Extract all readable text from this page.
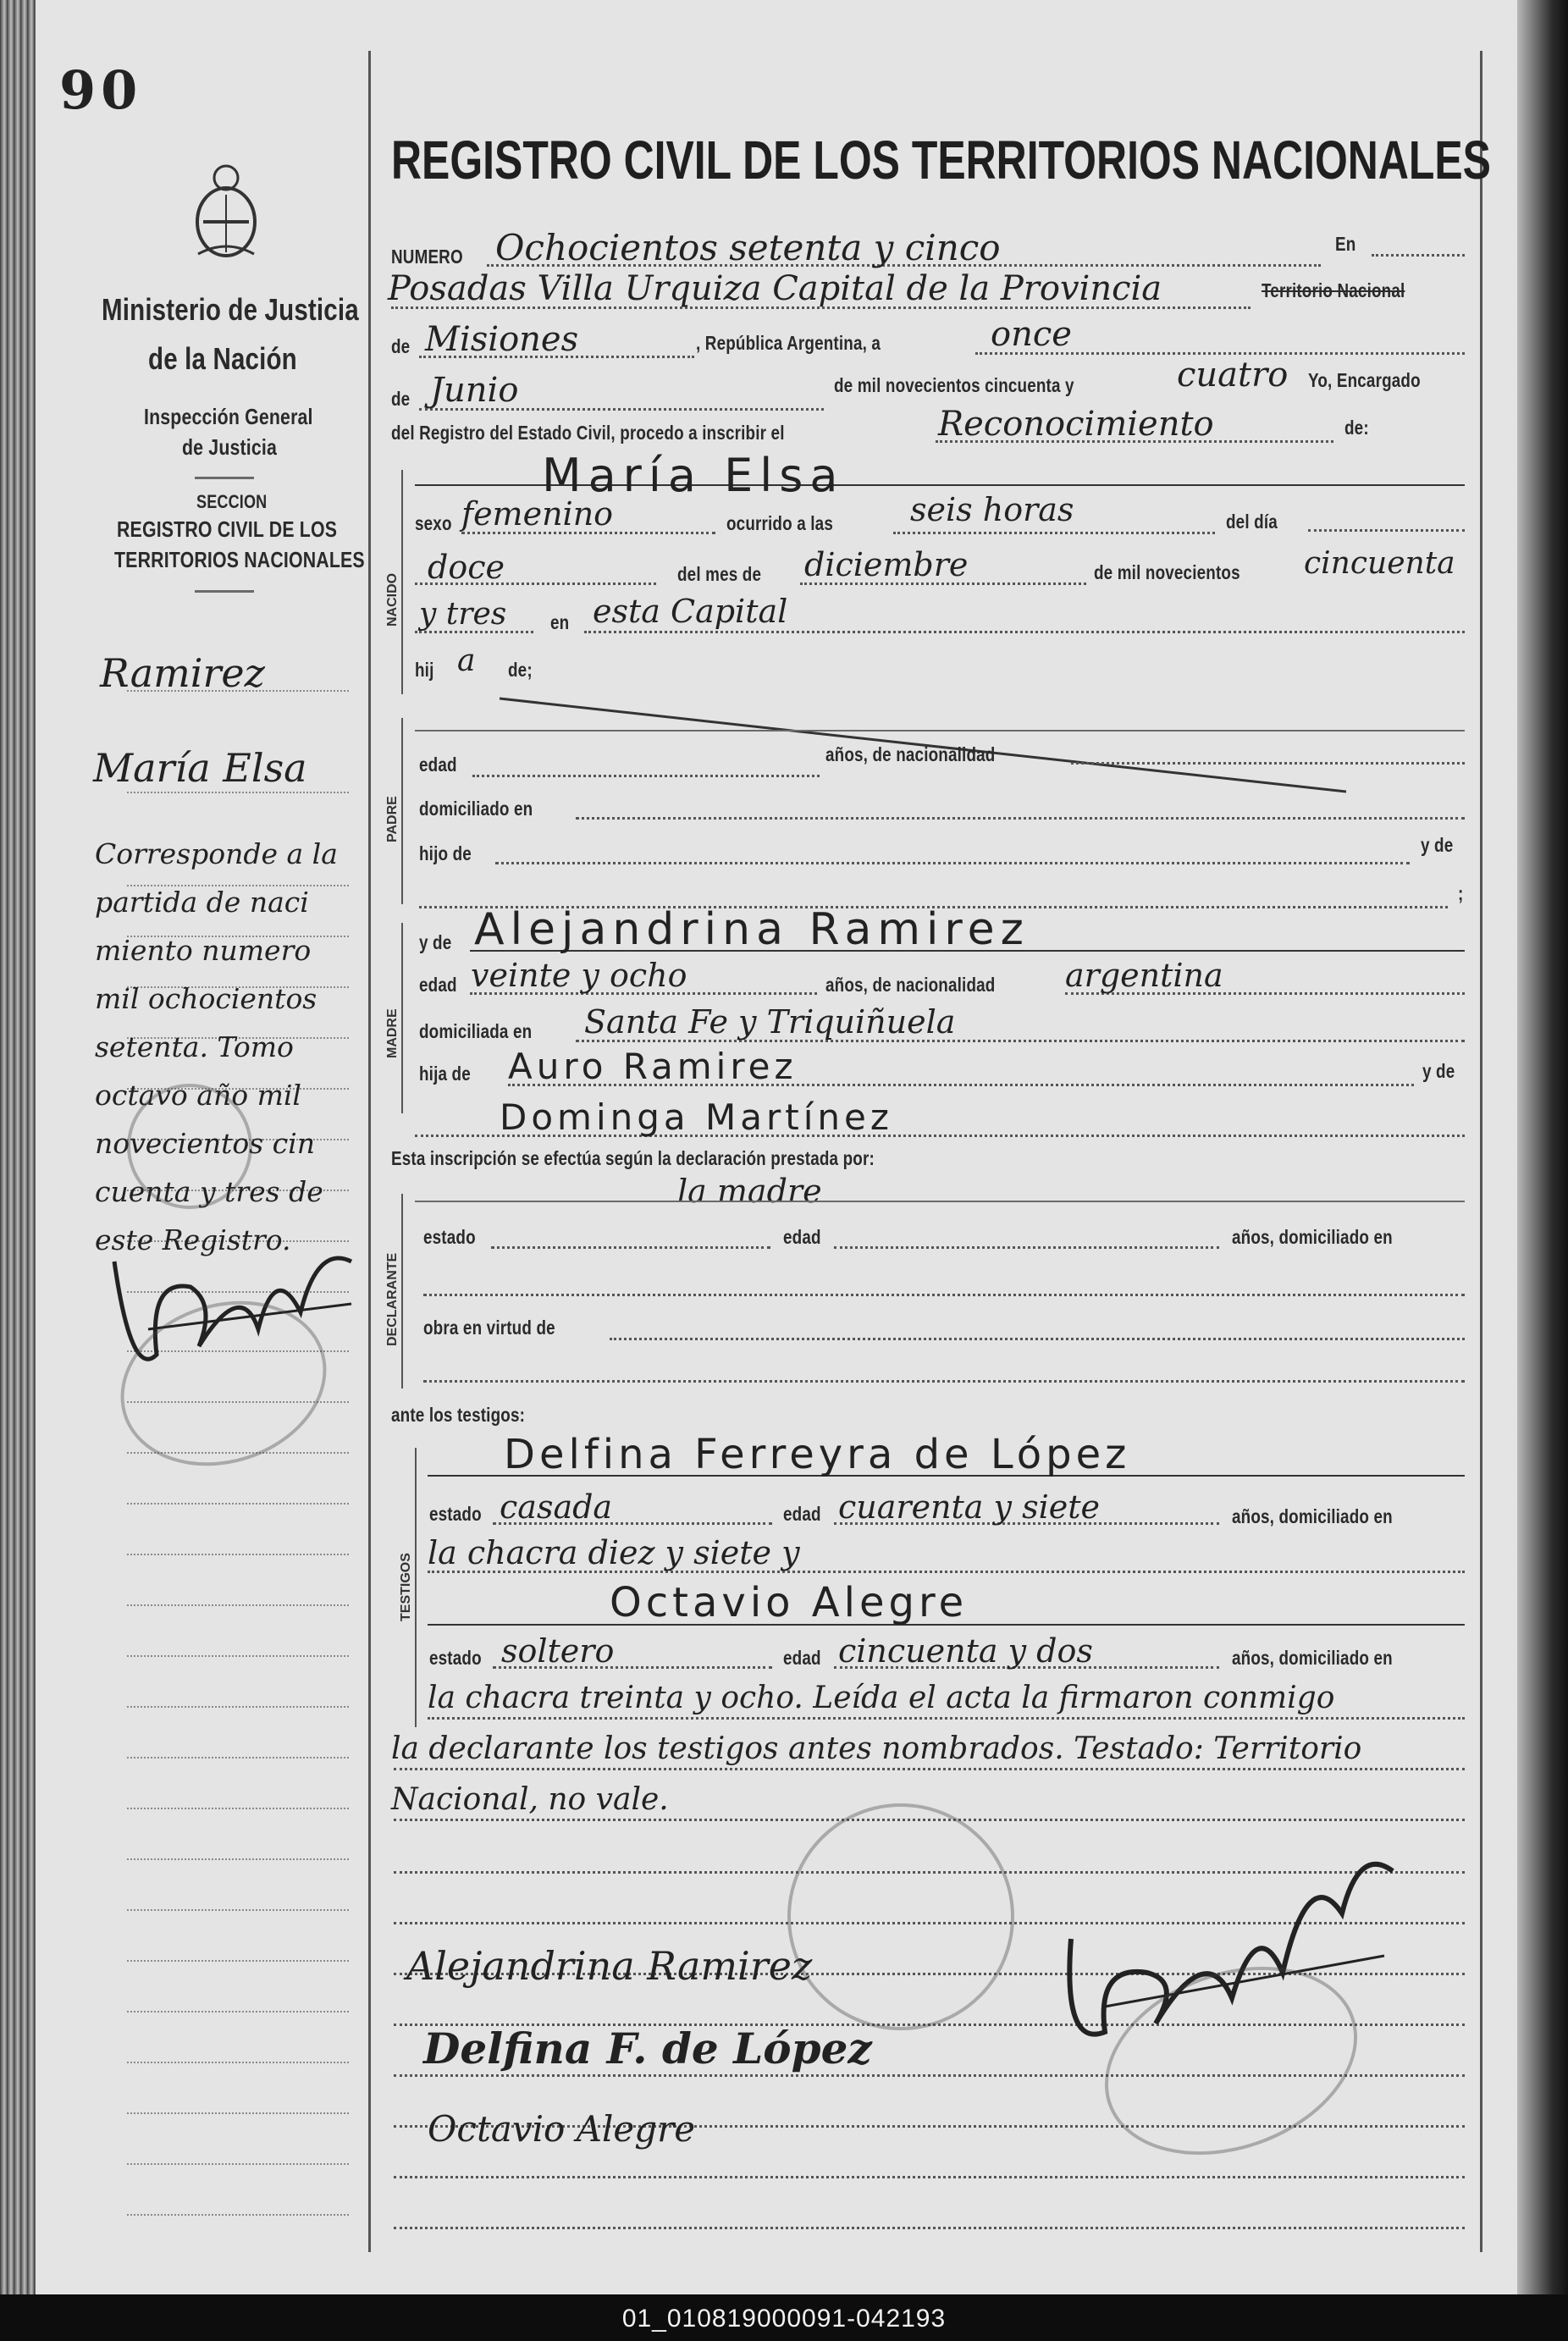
90
Ministerio de Justicia
de la Nación
Inspección General
de Justicia
SECCION
REGISTRO CIVIL DE LOS
TERRITORIOS NACIONALES
Ramirez
María Elsa
Corresponde a la
partida de naci
miento numero
mil ochocientos
setenta. Tomo
octavo año mil
novecientos cin
cuenta y tres de
este Registro.
REGISTRO CIVIL DE LOS TERRITORIOS NACIONALES
NUMERO Ochocientos setenta y cinco	En
Posadas Villa Urquiza Capital de la Provincia	Territorio Nacional
de Misiones	, República Argentina, a	once
de Junio	de mil novecientos cincuenta y	cuatro Yo, Encargado
del Registro del Estado Civil, procedo a inscribir el	Reconocimiento	de:
NACIDO
María Elsa
sexo femenino	ocurrido a las seis horas	del día
doce	del mes de diciembre	de mil novecientos cincuenta
y tres en esta Capital
hij a de;
PADRE
edad	años, de nacionalidad
domiciliado en
hijo de	y de
;
MADRE
y de Alejandrina Ramirez
edad veinte y ocho	años, de nacionalidad argentina
domiciliada en Santa Fe y Triquiñuela
hija de Auro Ramirez	y de
Dominga Martínez
Esta inscripción se efectúa según la declaración prestada por:
la madre
DECLARANTE
estado	edad	años, domiciliado en
obra en virtud de
ante los testigos:
TESTIGOS
Delfina Ferreyra de López
estado casada	edad cuarenta y siete	años, domiciliado en
la chacra diez y siete y
Octavio Alegre
estado soltero	edad cincuenta y dos	años, domiciliado en
la chacra treinta y ocho. Leída el acta la firmaron conmigo
la declarante los testigos antes nombrados. Testado: Territorio
Nacional, no vale.
Alejandrina Ramirez
Delfina F. de López
Octavio Alegre
01_010819000091-042193
